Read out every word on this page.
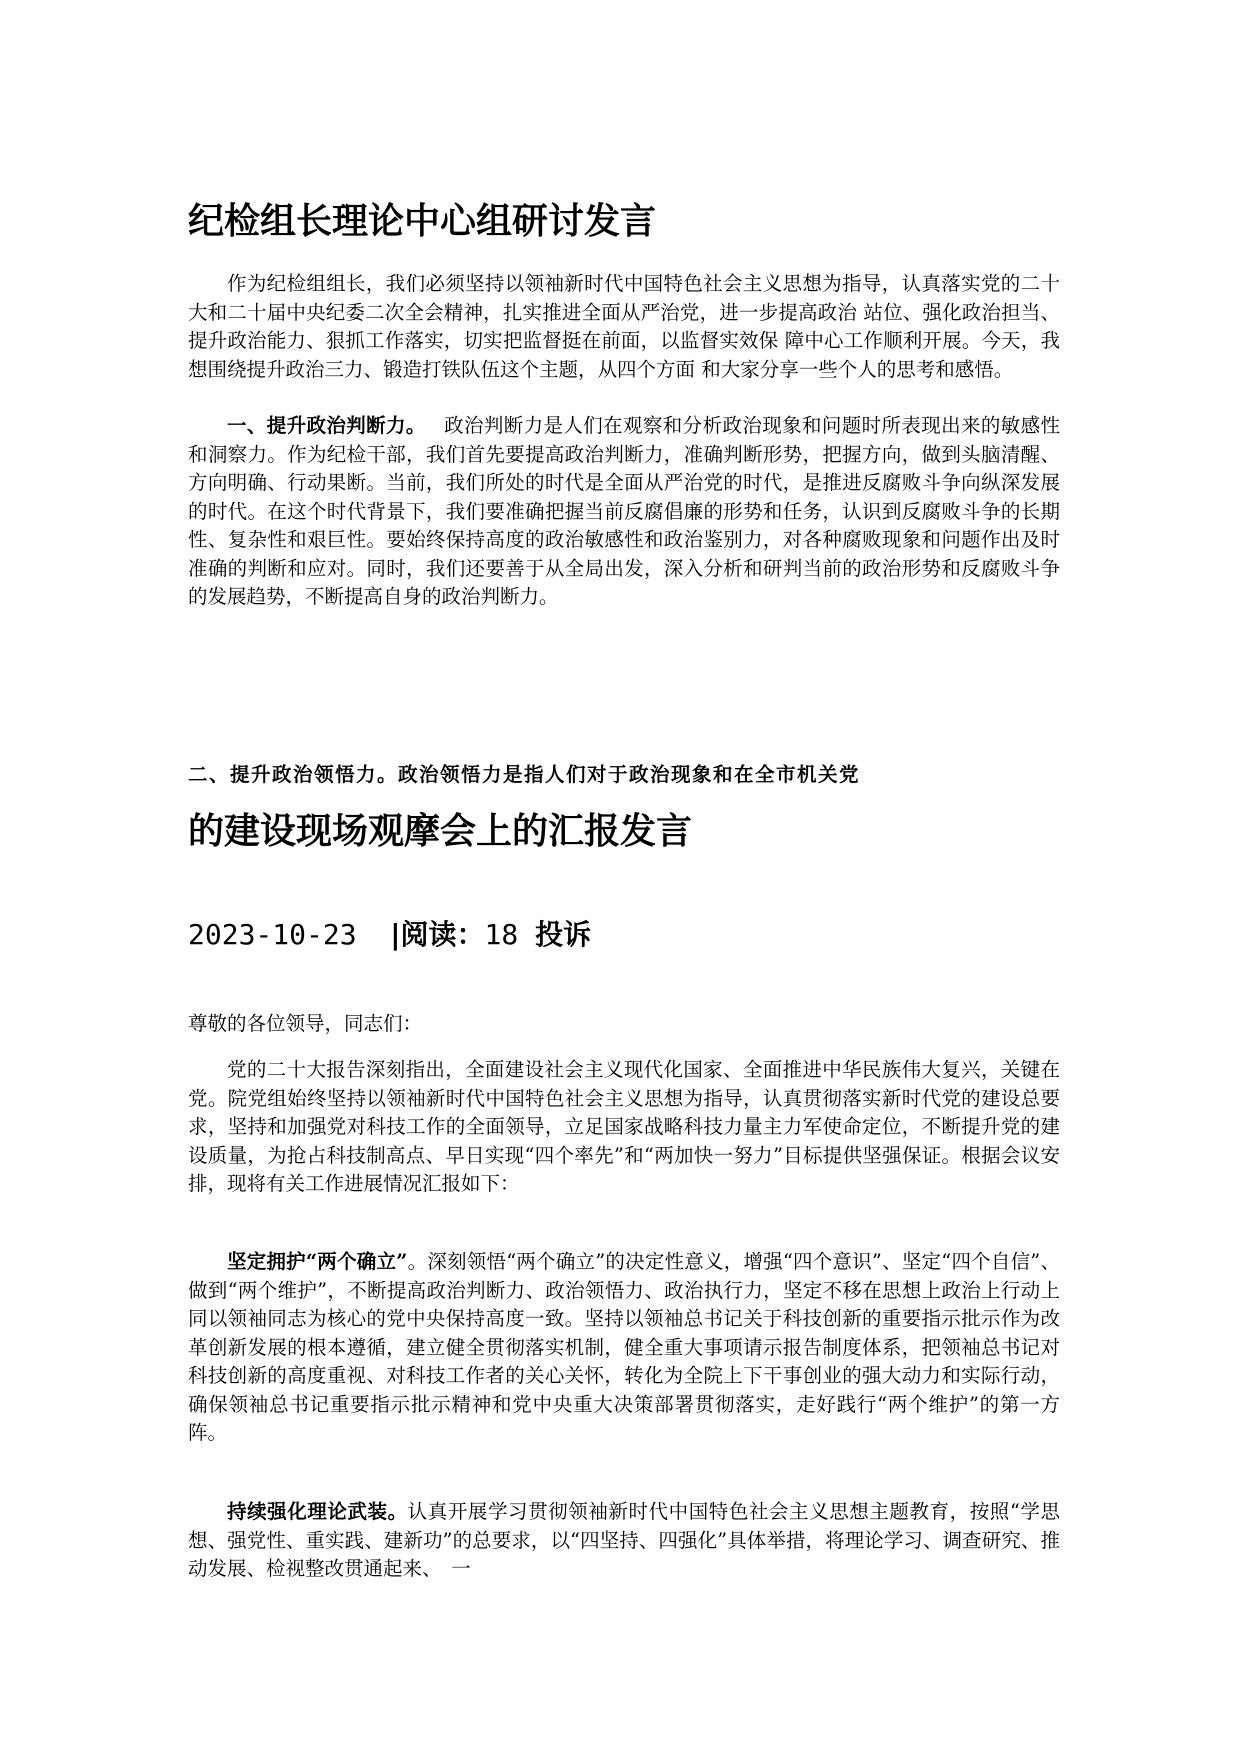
纪检组长理论中心组研讨发言

作为纪检组组长，我们必须坚持以领袖新时代中国特色社会主义思想为指导，认真落实党的二十大和二十届中央纪委二次全会精神，扎实推进全面从严治党，进一步提高政治 站位、强化政治担当、提升政治能力、狠抓工作落实，切实把监督挺在前面，以监督实效保 障中心工作顺利开展。今天，我想围绕提升政治三力、锻造打铁队伍这个主题，从四个方面 和大家分享一些个人的思考和感悟。

一、提升政治判断力。 政治判断力是人们在观察和分析政治现象和问题时所表现出来的敏感性和洞察力。作为纪检干部，我们首先要提高政治判断力，准确判断形势，把握方向，做到头脑清醒、方向明确、行动果断。当前，我们所处的时代是全面从严治党的时代，是推进反腐败斗争向纵深发展的时代。在这个时代背景下，我们要准确把握当前反腐倡廉的形势和任务，认识到反腐败斗争的长期性、复杂性和艰巨性。要始终保持高度的政治敏感性和政治鉴别力，对各种腐败现象和问题作出及时准确的判断和应对。同时，我们还要善于从全局出发，深入分析和研判当前的政治形势和反腐败斗争的发展趋势，不断提高自身的政治判断力。

二、提升政治领悟力。政治领悟力是指人们对于政治现象和在全市机关党
的建设现场观摩会上的汇报发言
2023-10-23 |阅读：18 投诉

尊敬的各位领导，同志们：

党的二十大报告深刻指出，全面建设社会主义现代化国家、全面推进中华民族伟大复兴，关键在党。院党组始终坚持以领袖新时代中国特色社会主义思想为指导，认真贯彻落实新时代党的建设总要求，坚持和加强党对科技工作的全面领导，立足国家战略科技力量主力军使命定位，不断提升党的建设质量，为抢占科技制高点、早日实现“四个率先”和“两加快一努力”目标提供坚强保证。根据会议安排，现将有关工作进展情况汇报如下：

坚定拥护“两个确立”。深刻领悟“两个确立”的决定性意义，增强“四个意识”、坚定“四个自信”、做到“两个维护”，不断提高政治判断力、政治领悟力、政治执行力，坚定不移在思想上政治上行动上同以领袖同志为核心的党中央保持高度一致。坚持以领袖总书记关于科技创新的重要指示批示作为改革创新发展的根本遵循，建立健全贯彻落实机制，健全重大事项请示报告制度体系，把领袖总书记对科技创新的高度重视、对科技工作者的关心关怀，转化为全院上下干事创业的强大动力和实际行动，确保领袖总书记重要指示批示精神和党中央重大决策部署贯彻落实，走好践行“两个维护”的第一方阵。

持续强化理论武装。认真开展学习贯彻领袖新时代中国特色社会主义思想主题教育，按照“学思想、强党性、重实践、建新功”的总要求，以“四坚持、四强化”具体举措，将理论学习、调查研究、推动发展、检视整改贯通起来、　一
